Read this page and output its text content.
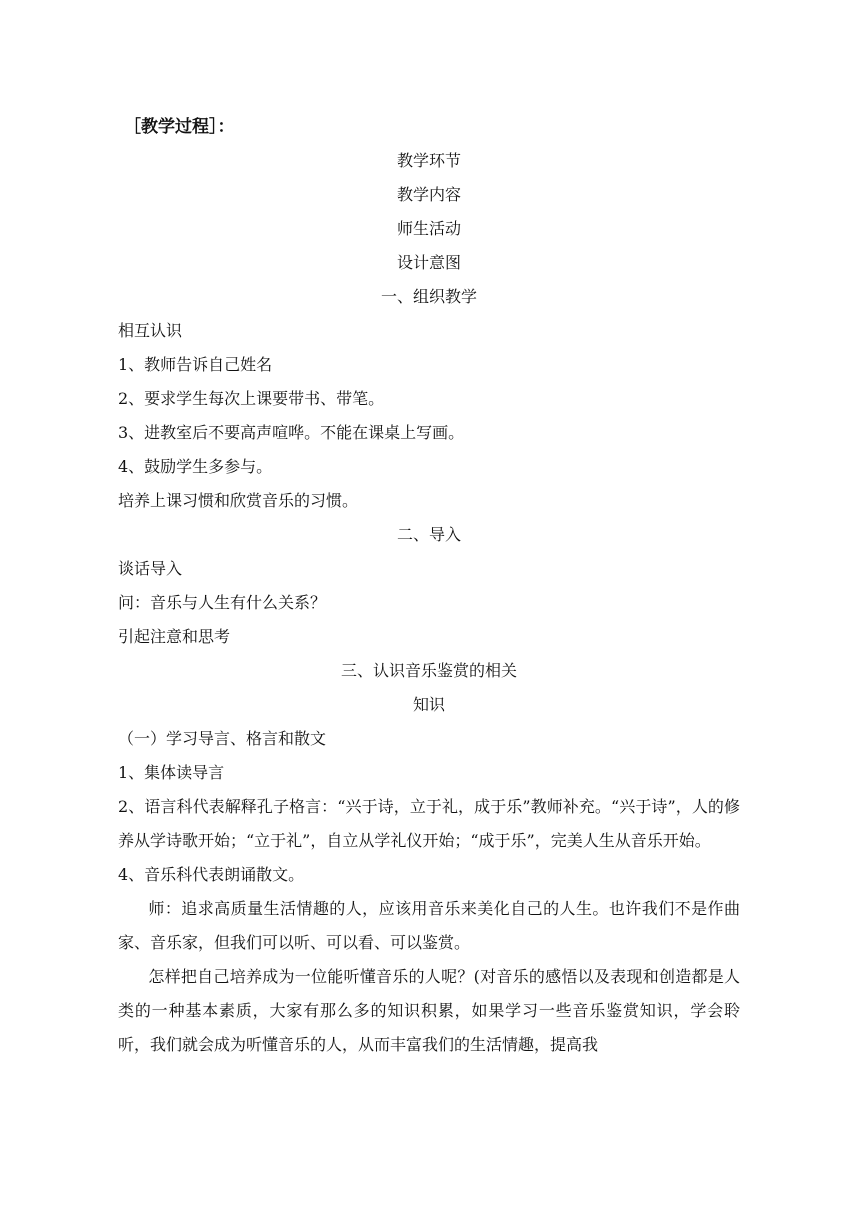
［教学过程］：
教学环节
教学内容
师生活动
设计意图
一、组织教学
相互认识
1、教师告诉自己姓名
2、要求学生每次上课要带书、带笔。
3、进教室后不要高声喧哗。不能在课桌上写画。
4、鼓励学生多参与。
培养上课习惯和欣赏音乐的习惯。
二、导入
谈话导入
问：音乐与人生有什么关系？
引起注意和思考
三、认识音乐鉴赏的相关
知识
（一）学习导言、格言和散文
1、集体读导言
2、语言科代表解释孔子格言：“兴于诗，立于礼，成于乐”教师补充。“兴于诗”，人的修养从学诗歌开始；“立于礼”，自立从学礼仪开始；“成于乐”，完美人生从音乐开始。
4、音乐科代表朗诵散文。
师：追求高质量生活情趣的人，应该用音乐来美化自己的人生。也许我们不是作曲家、音乐家，但我们可以听、可以看、可以鉴赏。
怎样把自己培养成为一位能听懂音乐的人呢？(对音乐的感悟以及表现和创造都是人类的一种基本素质，大家有那么多的知识积累，如果学习一些音乐鉴赏知识，学会聆听，我们就会成为听懂音乐的人，从而丰富我们的生活情趣，提高我
